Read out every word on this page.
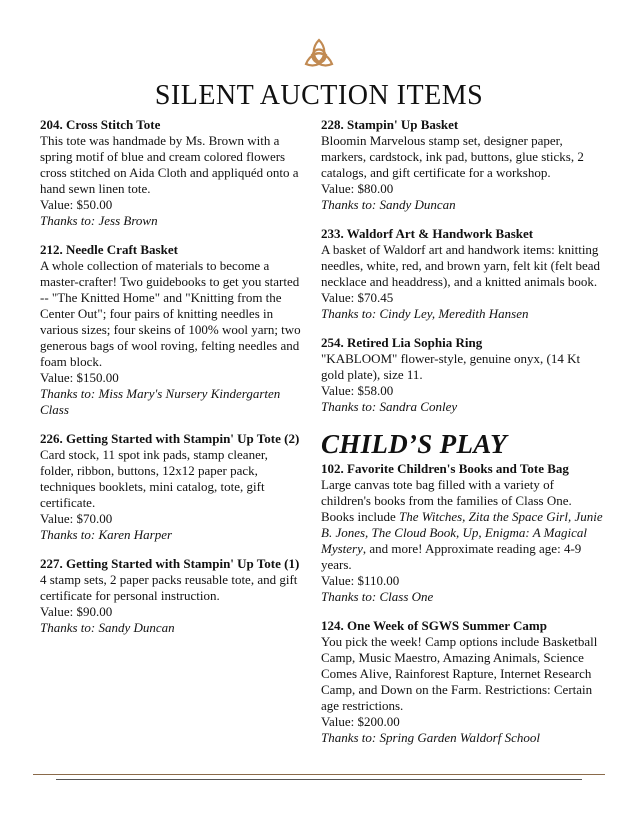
SILENT AUCTION ITEMS
204. Cross Stitch Tote
This tote was handmade by Ms. Brown with a spring motif of blue and cream colored flowers cross stitched on Aida Cloth and appliquéd onto a hand sewn linen tote.
Value: $50.00
Thanks to: Jess Brown
212. Needle Craft Basket
A whole collection of materials to become a master-crafter! Two guidebooks to get you started -- "The Knitted Home" and "Knitting from the Center Out"; four pairs of knitting needles in various sizes; four skeins of 100% wool yarn; two generous bags of wool roving, felting needles and foam block.
Value: $150.00
Thanks to: Miss Mary's Nursery Kindergarten Class
226. Getting Started with Stampin' Up Tote (2)
Card stock, 11 spot ink pads, stamp cleaner, folder, ribbon, buttons, 12x12 paper pack, techniques booklets, mini catalog, tote, gift certificate.
Value: $70.00
Thanks to: Karen Harper
227. Getting Started with Stampin' Up Tote (1)
4 stamp sets, 2 paper packs reusable tote, and gift certificate for personal instruction.
Value: $90.00
Thanks to: Sandy Duncan
228. Stampin' Up Basket
Bloomin Marvelous stamp set, designer paper, markers, cardstock, ink pad, buttons, glue sticks, 2 catalogs, and gift certificate for a workshop.
Value: $80.00
Thanks to: Sandy Duncan
233. Waldorf Art & Handwork Basket
A basket of Waldorf art and handwork items: knitting needles, white, red, and brown yarn, felt kit (felt bead necklace and headdress), and a knitted animals book.
Value: $70.45
Thanks to: Cindy Ley, Meredith Hansen
254. Retired Lia Sophia Ring
"KABLOOM" flower-style, genuine onyx, (14 Kt gold plate), size 11.
Value: $58.00
Thanks to: Sandra Conley
CHILD’S PLAY
102. Favorite Children's Books and Tote Bag
Large canvas tote bag filled with a variety of children's books from the families of Class One. Books include The Witches, Zita the Space Girl, Junie B. Jones, The Cloud Book, Up, Enigma: A Magical Mystery, and more! Approximate reading age: 4-9 years.
Value: $110.00
Thanks to: Class One
124. One Week of SGWS Summer Camp
You pick the week! Camp options include Basketball Camp, Music Maestro, Amazing Animals, Science Comes Alive, Rainforest Rapture, Internet Research Camp, and Down on the Farm. Restrictions: Certain age restrictions.
Value: $200.00
Thanks to: Spring Garden Waldorf School
